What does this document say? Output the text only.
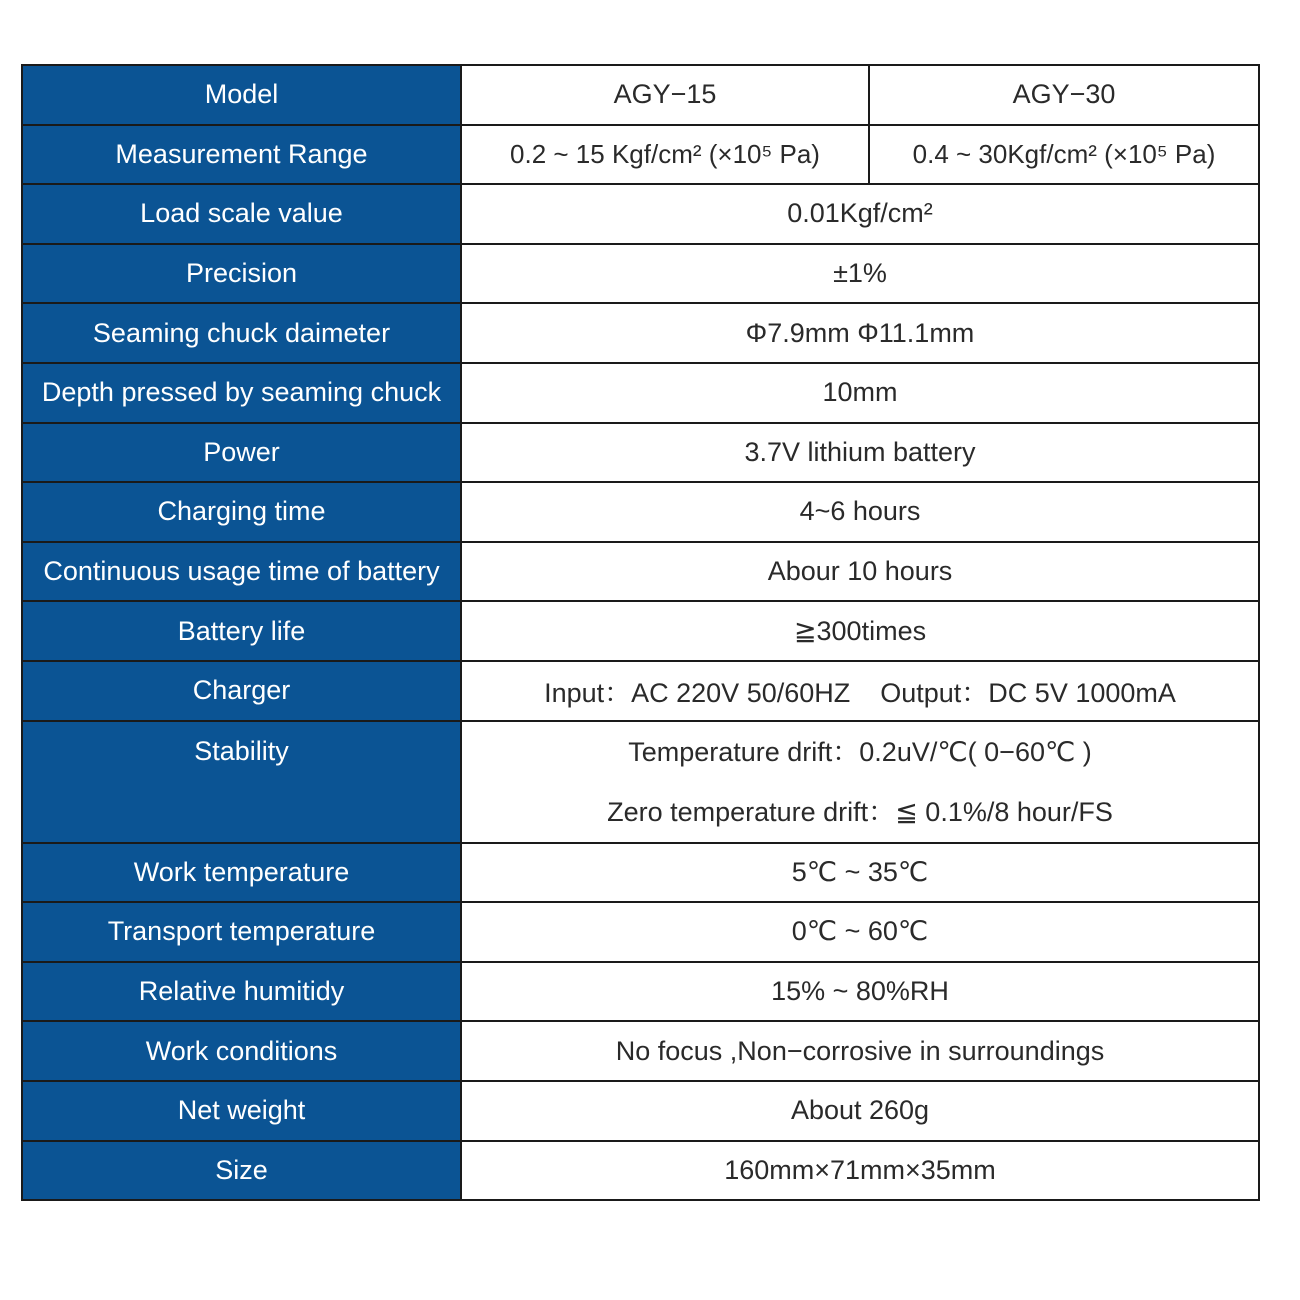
Model	AGY−15	AGY−30
Measurement Range	0.2 ~ 15 Kgf/cm² (×10⁵ Pa)	0.4 ~ 30Kgf/cm² (×10⁵ Pa)
Load scale value	0.01Kgf/cm²	
Precision	±1%	
Seaming chuck daimeter	Φ7.9mm Φ11.1mm	
Depth pressed by seaming chuck	10mm	
Power	3.7V lithium battery	
Charging time	4~6 hours	
Continuous usage time of battery	Abour 10 hours	
Battery life	≧300times	
Charger	Input：AC 220V 50/60HZ    Output：DC 5V 1000mA	
Stability	Temperature drift：0.2uV/℃( 0−60℃ )
Zero temperature drift：≦ 0.1%/8 hour/FS	

Work temperature	5℃ ~ 35℃	
Transport temperature	0℃ ~ 60℃	
Relative humitidy	15% ~ 80%RH	
Work conditions	No focus ,Non−corrosive in surroundings	
Net weight	About 260g	
Size	160mm×71mm×35mm	
